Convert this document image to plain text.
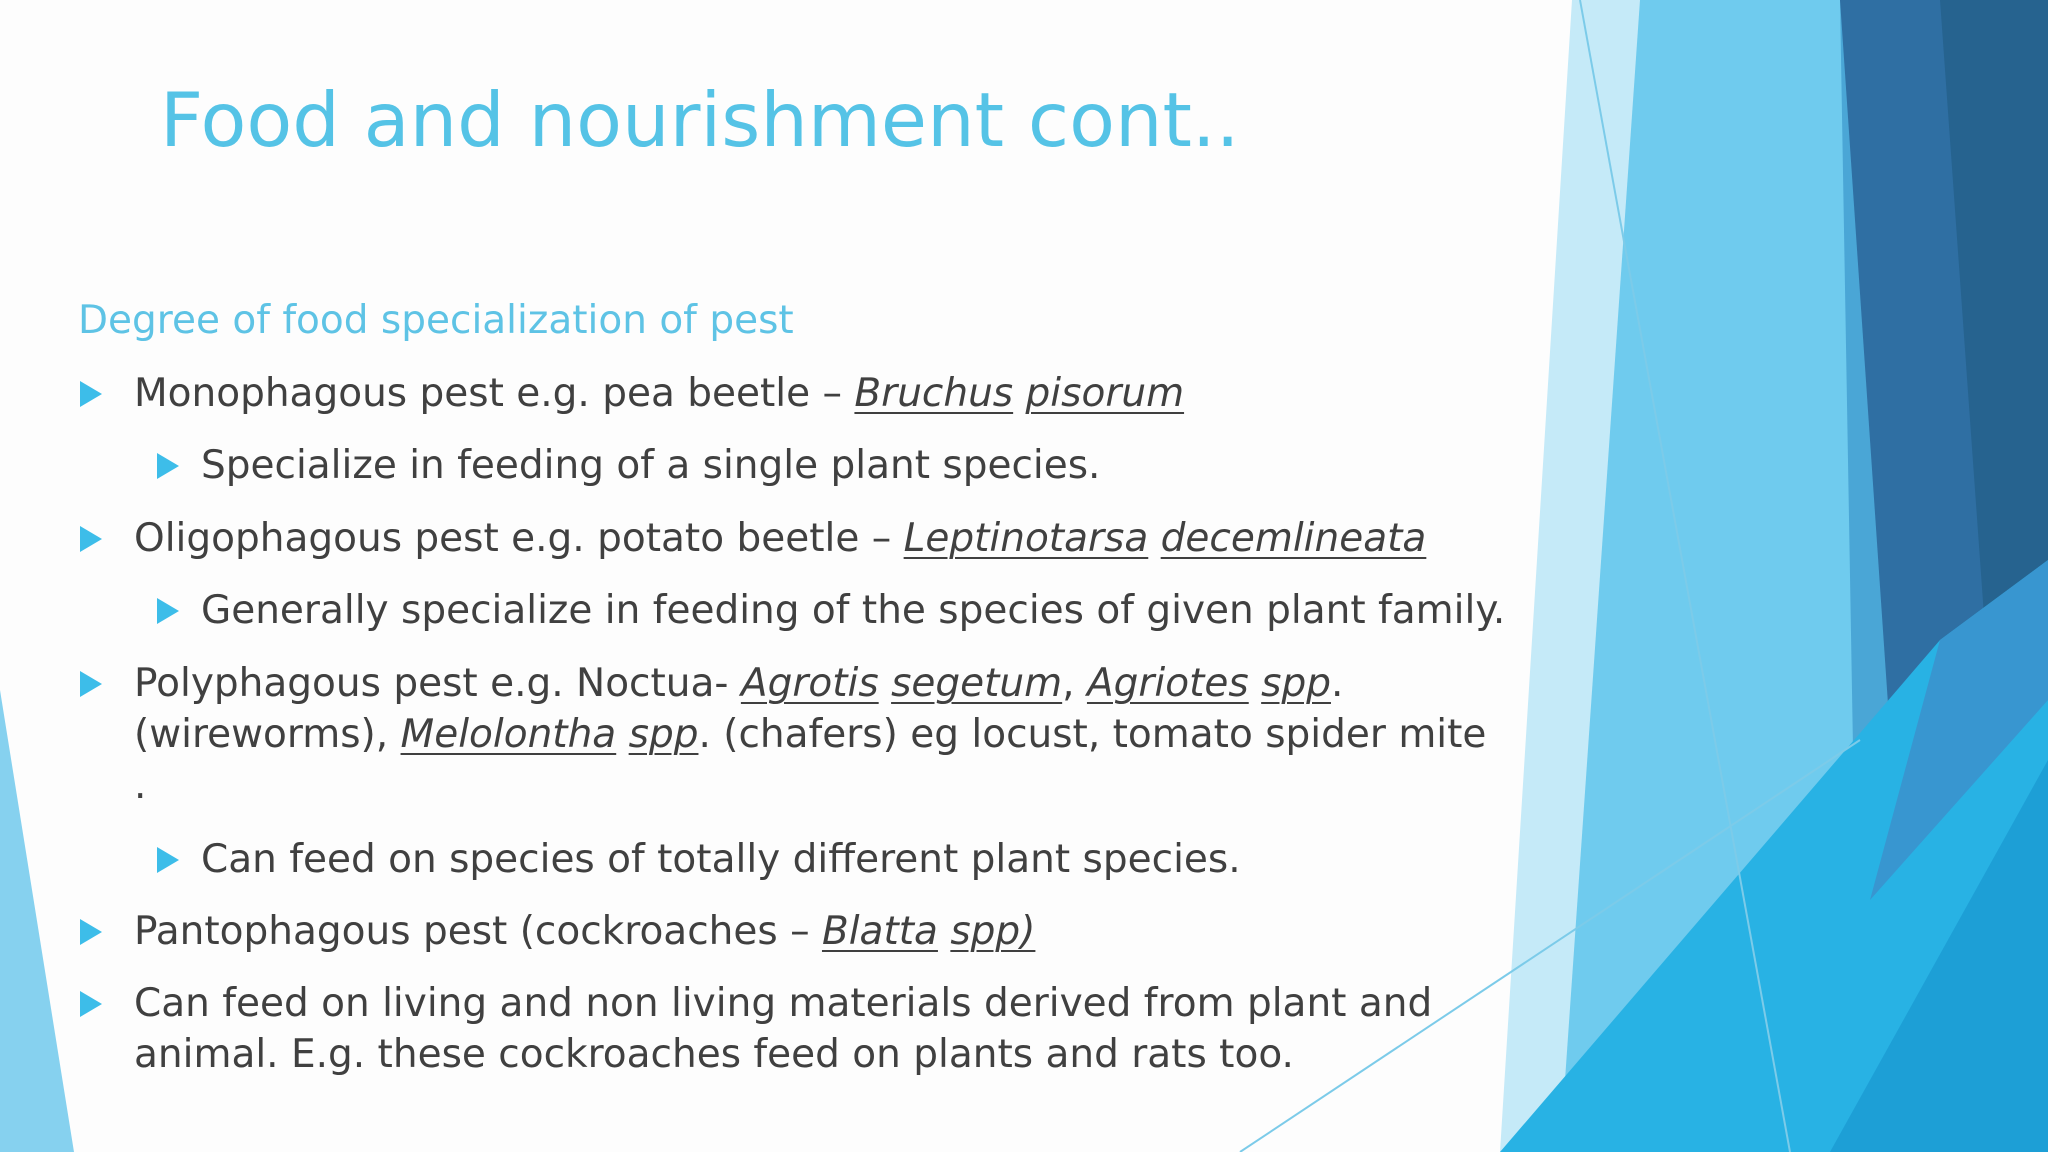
Food and nourishment cont..
Degree of food specialization of pest
Monophagous pest e.g. pea beetle – Bruchus pisorum
Specialize in feeding of a single plant species.
Oligophagous pest e.g. potato beetle – Leptinotarsa decemlineata
Generally specialize in feeding of the species of given plant family.
Polyphagous pest e.g. Noctua- Agrotis segetum, Agriotes spp.
(wireworms), Melolontha spp. (chafers) eg locust, tomato spider mite
.
Can feed on species of totally different plant species.
Pantophagous pest (cockroaches – Blatta spp)
Can feed on living and non living materials derived from plant and
animal. E.g. these cockroaches feed on plants and rats too.
